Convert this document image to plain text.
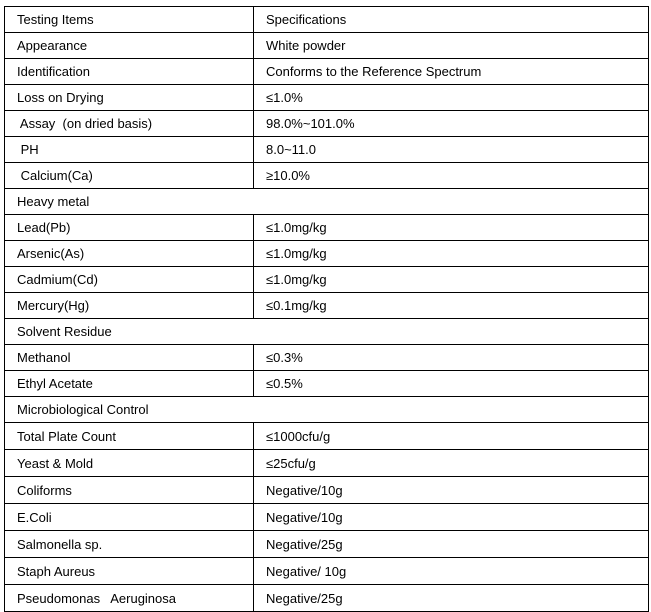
Testing Items	Specifications
Appearance	White powder
Identification	Conforms to the Reference Spectrum
Loss on Drying	≤1.0%
Assay  (on dried basis)	98.0%~101.0%
PH	8.0~11.0
Calcium(Ca)	≥10.0%
Heavy metal	
Lead(Pb)	≤1.0mg/kg
Arsenic(As)	≤1.0mg/kg
Cadmium(Cd)	≤1.0mg/kg
Mercury(Hg)	≤0.1mg/kg
Solvent Residue	
Methanol	≤0.3%
Ethyl Acetate	≤0.5%
Microbiological Control	
Total Plate Count	≤1000cfu/g
Yeast & Mold	≤25cfu/g
Coliforms	Negative/10g
E.Coli	Negative/10g
Salmonella sp.	Negative/25g
Staph Aureus	Negative/ 10g
Pseudomonas   Aeruginosa	Negative/25g
